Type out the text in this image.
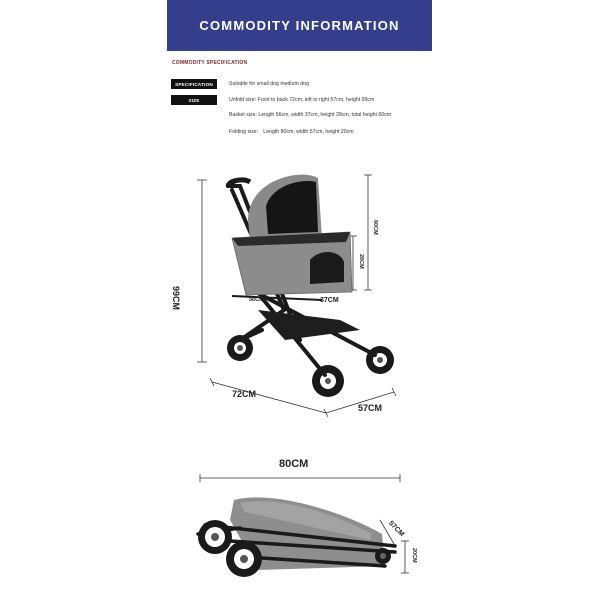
COMMODITY INFORMATION
COMMODITY SPECIFICATION
SPECIFICATION	Suitable for small dog medium dog
SIZE	Unfold size: Front to back 72cm, left to right 57cm, height 99cm
Basket size: Length 56cm, width 37cm, height 28cm, total height 60cm
Folding size： Length 80cm, width 57cm, height 20cm
99CM
60CM
28CM
56CM	37CM
72CM
57CM
80CM
57CM
20CM
